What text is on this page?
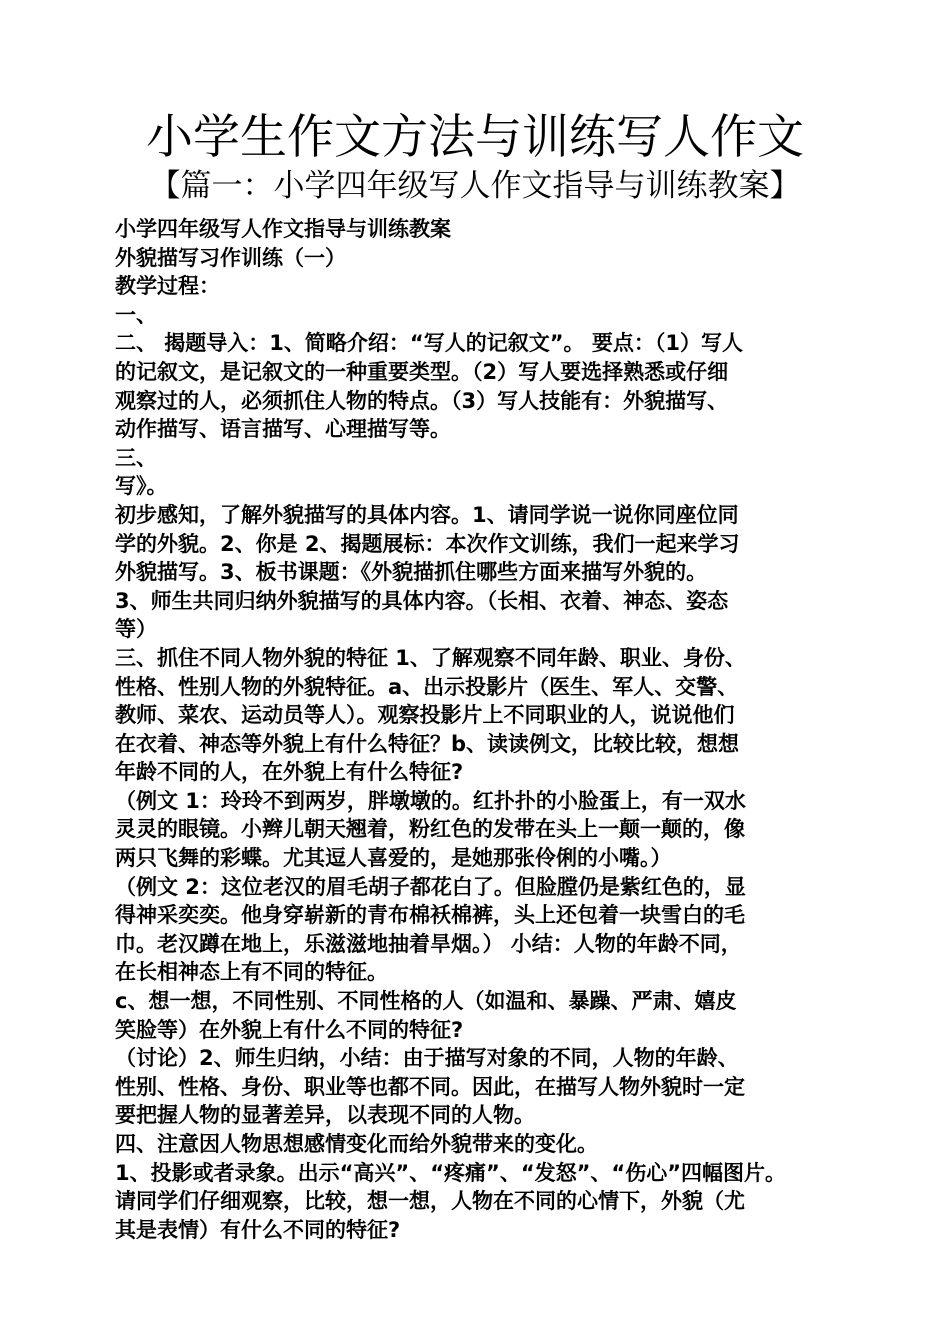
小学生作文方法与训练写人作文
【篇一：小学四年级写人作文指导与训练教案】
小学四年级写人作文指导与训练教案
外貌描写习作训练（一）
教学过程：
一、
二、 揭题导入：1、简略介绍：“写人的记叙文”。 要点：（1）写人
的记叙文，是记叙文的一种重要类型。（2）写人要选择熟悉或仔细
观察过的人，必须抓住人物的特点。（3）写人技能有：外貌描写、
动作描写、语言描写、心理描写等。
三、
写》。
初步感知，了解外貌描写的具体内容。1、请同学说一说你同座位同
学的外貌。2、你是 2、揭题展标：本次作文训练，我们一起来学习
外貌描写。3、板书课题：《外貌描抓住哪些方面来描写外貌的。
3、师生共同归纳外貌描写的具体内容。（长相、衣着、神态、姿态
等）
三、抓住不同人物外貌的特征 1、了解观察不同年龄、职业、身份、
性格、性别人物的外貌特征。a、出示投影片（医生、军人、交警、
教师、菜农、运动员等人）。观察投影片上不同职业的人，说说他们
在衣着、神态等外貌上有什么特征？b、读读例文，比较比较，想想
年龄不同的人，在外貌上有什么特征?
（例文 1：玲玲不到两岁，胖墩墩的。红扑扑的小脸蛋上，有一双水
灵灵的眼镜。小辫儿朝天翘着，粉红色的发带在头上一颠一颠的，像
两只飞舞的彩蝶。尤其逗人喜爱的，是她那张伶俐的小嘴。）
（例文 2：这位老汉的眉毛胡子都花白了。但脸膛仍是紫红色的，显
得神采奕奕。他身穿崭新的青布棉袄棉裤，头上还包着一块雪白的毛
巾。老汉蹲在地上，乐滋滋地抽着旱烟。） 小结：人物的年龄不同，
在长相神态上有不同的特征。
c、想一想，不同性别、不同性格的人（如温和、暴躁、严肃、嬉皮
笑脸等）在外貌上有什么不同的特征?
（讨论）2、师生归纳，小结：由于描写对象的不同，人物的年龄、
性别、性格、身份、职业等也都不同。因此，在描写人物外貌时一定
要把握人物的显著差异，以表现不同的人物。
四、注意因人物思想感情变化而给外貌带来的变化。
1、投影或者录象。出示“高兴”、“疼痛”、“发怒”、“伤心”四幅图片。
请同学们仔细观察，比较，想一想，人物在不同的心情下，外貌（尤
其是表情）有什么不同的特征?
